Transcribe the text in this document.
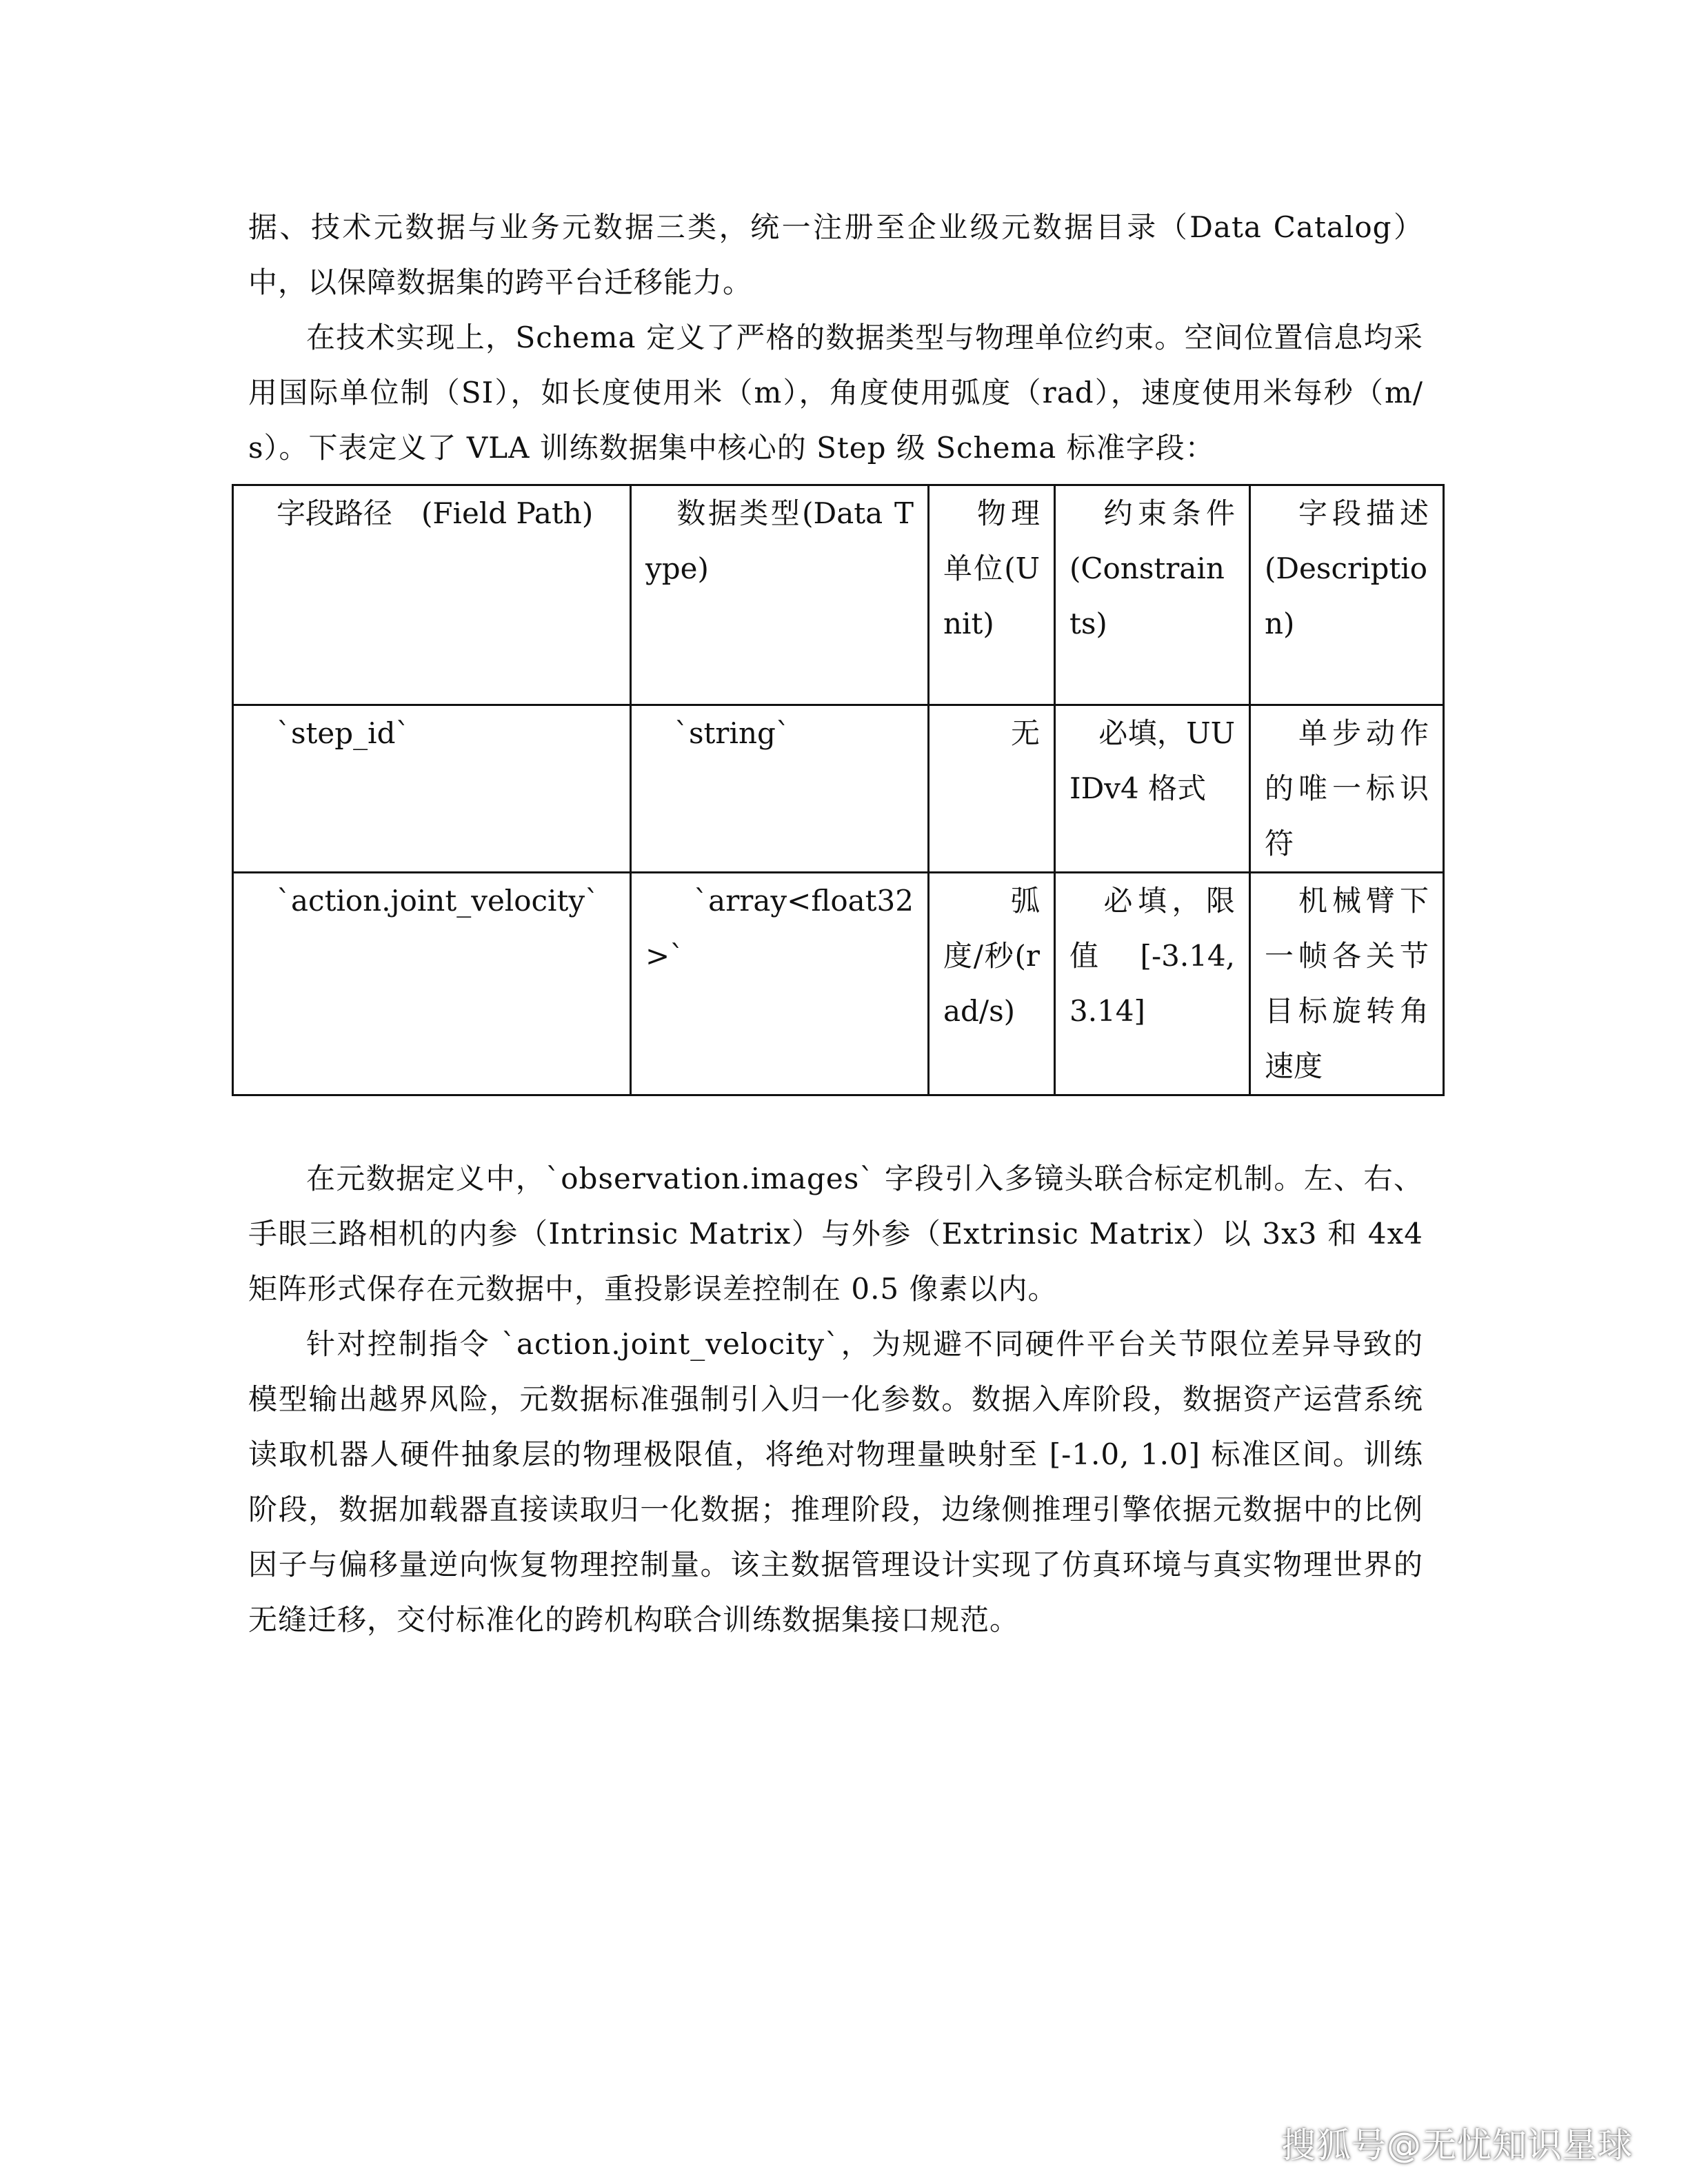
据、技术元数据与业务元数据三类，统一注册至企业级元数据目录（Data Catalog）中，以保障数据集的跨平台迁移能力。

在技术实现上，Schema 定义了严格的数据类型与物理单位约束。空间位置信息均采用国际单位制（SI），如长度使用米（m），角度使用弧度（rad），速度使用米每秒（m/s）。下表定义了 VLA 训练数据集中核心的 Step 级 Schema 标准字段：

　字段路径　(Field Path)	　数据类型(Data Type)	　物理单位(Unit)	　约束条件(Constraints)	　字段描述(Description)
　`step_id`	　`string`	　无	　必填，UUIDv4 格式	　单步动作的唯一标识符
　`action.joint_velocity`	　`array<float32>`	　弧度/秒(rad/s)	　必填，限值 [-3.14, 3.14]	　机械臂下一帧各关节目标旋转角速度

在元数据定义中，`observation.images` 字段引入多镜头联合标定机制。左、右、手眼三路相机的内参（Intrinsic Matrix）与外参（Extrinsic Matrix）以 3x3 和 4x4 矩阵形式保存在元数据中，重投影误差控制在 0.5 像素以内。

针对控制指令 `action.joint_velocity`，为规避不同硬件平台关节限位差异导致的模型输出越界风险，元数据标准强制引入归一化参数。数据入库阶段，数据资产运营系统读取机器人硬件抽象层的物理极限值，将绝对物理量映射至 [-1.0, 1.0] 标准区间。训练阶段，数据加载器直接读取归一化数据；推理阶段，边缘侧推理引擎依据元数据中的比例因子与偏移量逆向恢复物理控制量。该主数据管理设计实现了仿真环境与真实物理世界的无缝迁移，交付标准化的跨机构联合训练数据集接口规范。

搜狐号@无忧知识星球
